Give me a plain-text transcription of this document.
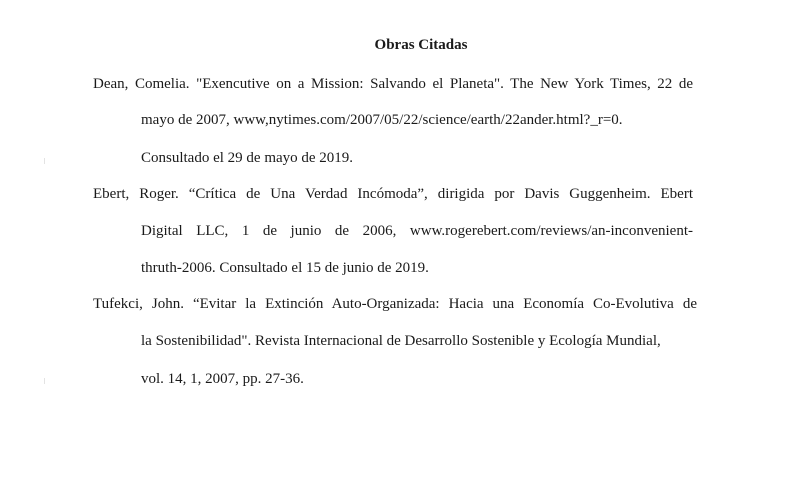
Obras Citadas
Dean, Comelia. "Exencutive on a Mission: Salvando el Planeta". The New York Times, 22 de
mayo de 2007, www,nytimes.com/2007/05/22/science/earth/22ander.html?_r=0.
Consultado el 29 de mayo de 2019.
Ebert, Roger. “Crítica de Una Verdad Incómoda”, dirigida por Davis Guggenheim. Ebert
Digital LLC, 1 de junio de 2006, www.rogerebert.com/reviews/an-inconvenient-
thruth-2006. Consultado el 15 de junio de 2019.
Tufekci, John. “Evitar la Extinción Auto-Organizada: Hacia una Economía Co-Evolutiva de
la Sostenibilidad". Revista Internacional de Desarrollo Sostenible y Ecología Mundial,
vol. 14, 1, 2007, pp. 27-36.
